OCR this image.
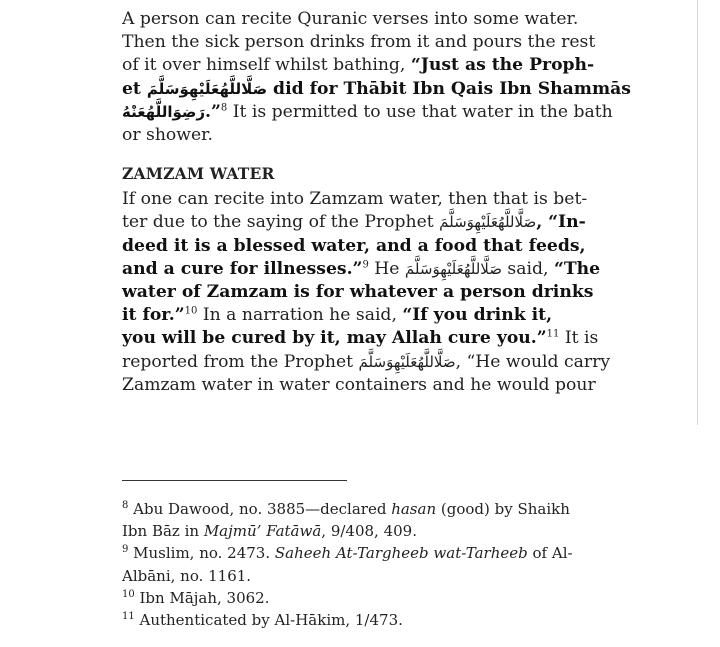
A person can recite Quranic verses into some water.
Then the sick person drinks from it and pours the rest
of it over himself whilst bathing, “Just as the Proph-
et صَلَّاللَّهُعَلَيْهِوَسَلَّمَ did for Thābit Ibn Qais Ibn Shammās
رَضِوَاللَّهُعَنْهُ.”$^8$ It is permitted to use that water in the bath
or shower.

ZAMZAM WATER

If one can recite into Zamzam water, then that is bet-
ter due to the saying of the Prophet صَلَّاللَّهُعَلَيْهِوَسَلَّمَ, “In-
deed it is a blessed water, and a food that feeds,
and a cure for illnesses.”$^9$ He صَلَّاللَّهُعَلَيْهِوَسَلَّمَ said, “The
water of Zamzam is for whatever a person drinks
it for.”$^{10}$ In a narration he said, “If you drink it,
you will be cured by it, may Allah cure you.”$^{11}$ It is
reported from the Prophet صَلَّاللَّهُعَلَيْهِوَسَلَّمَ, “He would carry
Zamzam water in water containers and he would pour

$^8$ Abu Dawood, no. 3885—declared hasan (good) by Shaikh
Ibn Bāz in Majmū’ Fatāwā, 9/408, 409.
$^9$ Muslim, no. 2473. Saheeh At-Targheeb wat-Tarheeb of Al-
Albāni, no. 1161.
$^{10}$ Ibn Mājah, 3062.
$^{11}$ Authenticated by Al-Hākim, 1/473.
